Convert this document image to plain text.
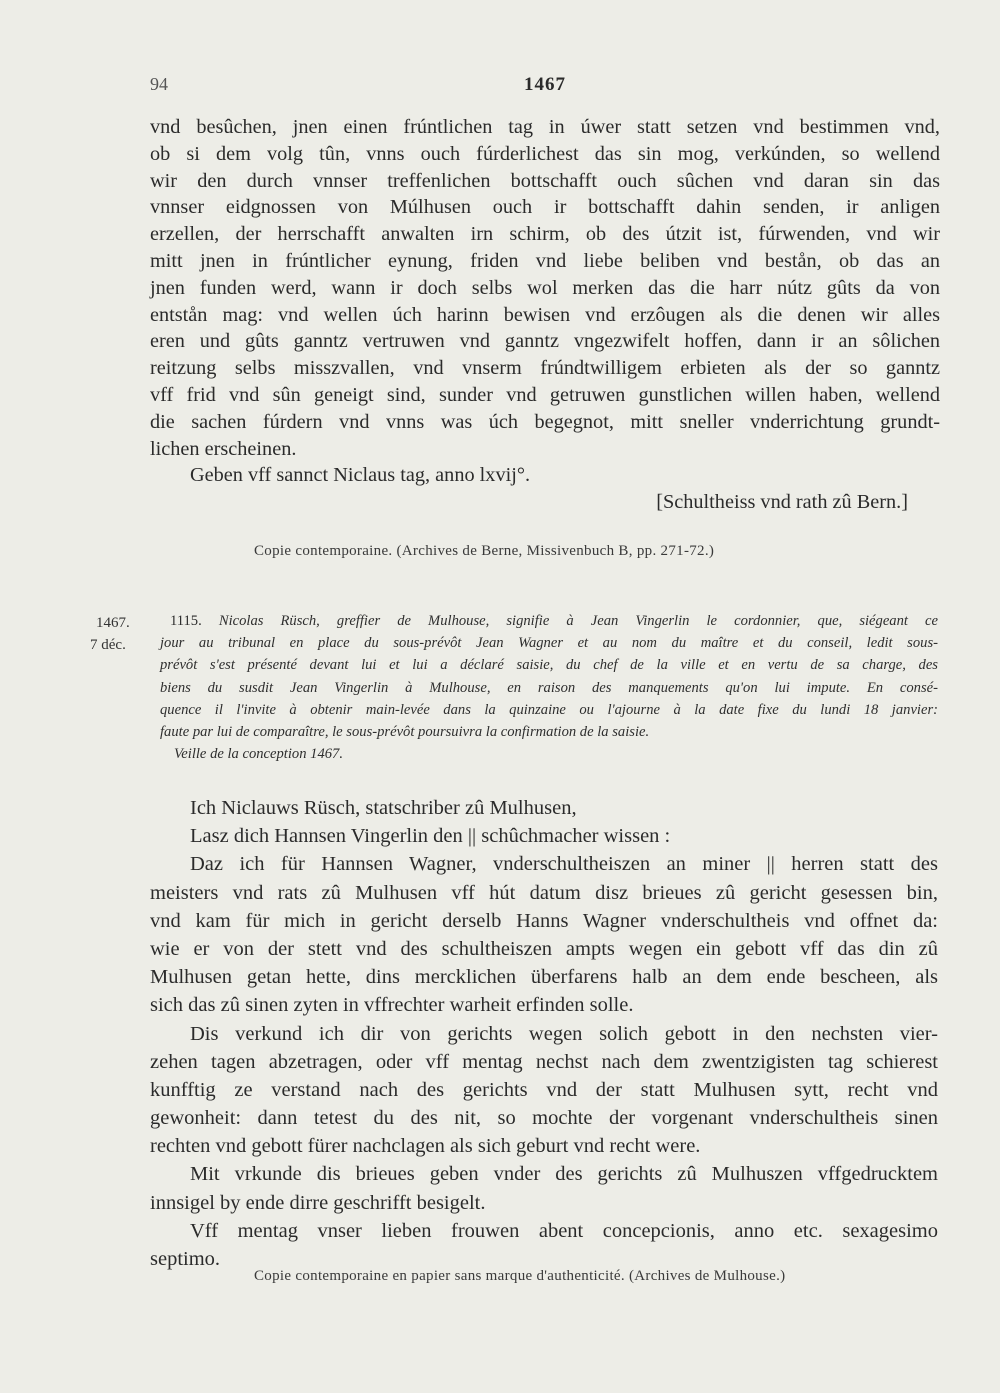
94	1467
vnd besûchen, jnen einen frúntlichen tag in úwer statt setzen vnd bestimmen vnd,
ob si dem volg tûn, vnns ouch fúrderlichest das sin mog, verkúnden, so wellend
wir den durch vnnser treffenlichen bottschafft ouch sûchen vnd daran sin das
vnnser eidgnossen von Múlhusen ouch ir bottschafft dahin senden, ir anligen
erzellen, der herrschafft anwalten irn schirm, ob des útzit ist, fúrwenden, vnd wir
mitt jnen in frúntlicher eynung, friden vnd liebe beliben vnd bestån, ob das an
jnen funden werd, wann ir doch selbs wol merken das die harr nútz gûts da von
entstån mag: vnd wellen úch harinn bewisen vnd erzôugen als die denen wir alles
eren und gûts ganntz vertruwen vnd ganntz vngezwifelt hoffen, dann ir an sôlichen
reitzung selbs misszvallen, vnd vnserm frúndtwilligem erbieten als der so ganntz
vff frid vnd sûn geneigt sind, sunder vnd getruwen gunstlichen willen haben, wellend
die sachen fúrdern vnd vnns was úch begegnot, mitt sneller vnderrichtung grundt-
lichen erscheinen.
Geben vff sannct Niclaus tag, anno lxvij°.
[Schultheiss vnd rath zû Bern.]
Copie contemporaine. (Archives de Berne, Missivenbuch B, pp. 271-72.)
1467.
7 déc.
1115. Nicolas Rüsch, greffier de Mulhouse, signifie à Jean Vingerlin le cordonnier, que, siégeant ce
jour au tribunal en place du sous-prévôt Jean Wagner et au nom du maître et du conseil, ledit sous-
prévôt s'est présenté devant lui et lui a déclaré saisie, du chef de la ville et en vertu de sa charge, des
biens du susdit Jean Vingerlin à Mulhouse, en raison des manquements qu'on lui impute. En consé-
quence il l'invite à obtenir main-levée dans la quinzaine ou l'ajourne à la date fixe du lundi 18 janvier:
faute par lui de comparaître, le sous-prévôt poursuivra la confirmation de la saisie.
Veille de la conception 1467.
Ich Niclauws Rüsch, statschriber zû Mulhusen,
Lasz dich Hannsen Vingerlin den || schûchmacher wissen :
Daz ich für Hannsen Wagner, vnderschultheiszen an miner || herren statt des
meisters vnd rats zû Mulhusen vff hút datum disz brieues zû gericht gesessen bin,
vnd kam für mich in gericht derselb Hanns Wagner vnderschultheis vnd offnet da:
wie er von der stett vnd des schultheiszen ampts wegen ein gebott vff das din zû
Mulhusen getan hette, dins mercklichen überfarens halb an dem ende bescheen, als
sich das zû sinen zyten in vffrechter warheit erfinden solle.
Dis verkund ich dir von gerichts wegen solich gebott in den nechsten vier-
zehen tagen abzetragen, oder vff mentag nechst nach dem zwentzigisten tag schierest
kunfftig ze verstand nach des gerichts vnd der statt Mulhusen sytt, recht vnd
gewonheit: dann tetest du des nit, so mochte der vorgenant vnderschultheis sinen
rechten vnd gebott fürer nachclagen als sich geburt vnd recht were.
Mit vrkunde dis brieues geben vnder des gerichts zû Mulhuszen vffgedrucktem
innsigel by ende dirre geschrifft besigelt.
Vff mentag vnser lieben frouwen abent concepcionis, anno etc. sexagesimo
septimo.
Copie contemporaine en papier sans marque d'authenticité. (Archives de Mulhouse.)
